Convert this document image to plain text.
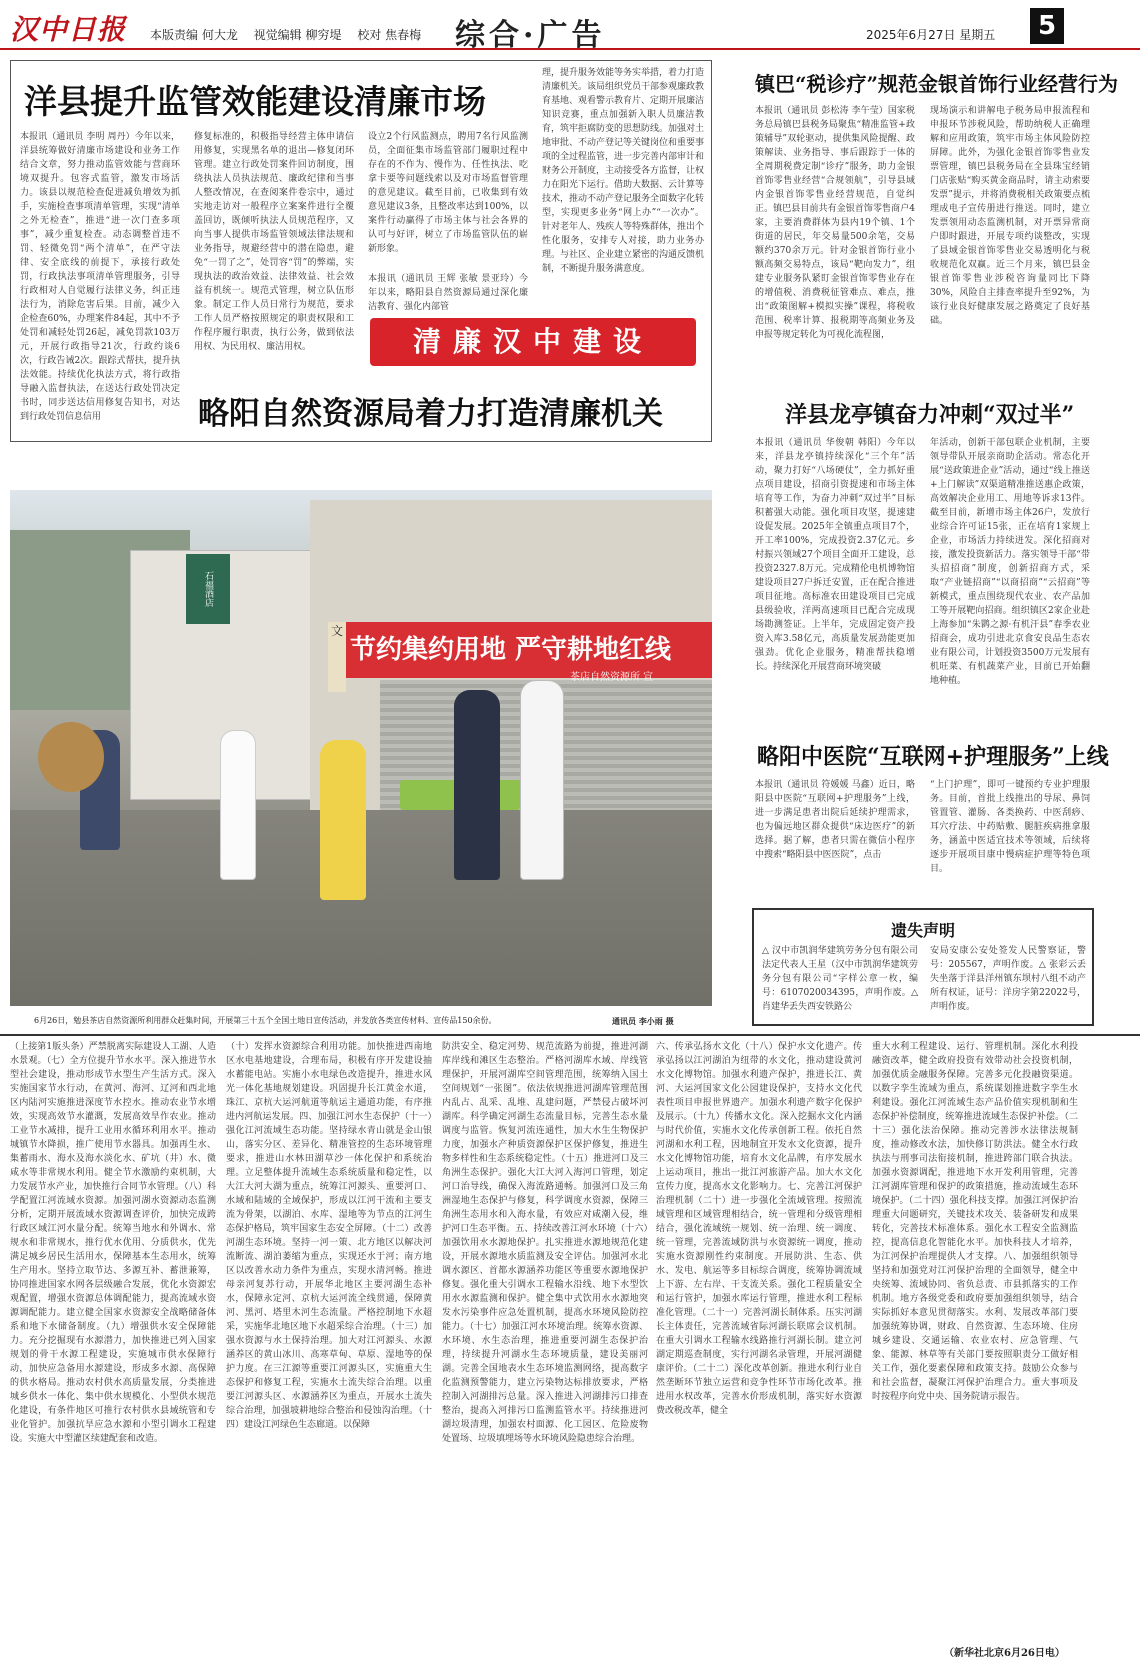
汉中日报 本版责编 何大龙 视觉编辑 柳穷堤 校对 焦春梅	综合·广告	2025年6月27日 星期五	5
洋县提升监管效能建设清廉市场
本报讯（通讯员 李明 周丹）今年以来，洋县统筹做好清廉市场建设和业务工作结合文章，努力推动监管效能与营商环境双提升。包容式监管，激发市场活力。该县以规范检查促进减负增效为抓手，实施检查事项清单管理，实现“清单之外无检查”，推进“进一次门查多项事”，减少重复检查。动态调整首违不罚、轻微免罚“两个清单”，在严守法律、安全底线的前提下，承接行政处罚，行政执法事项清单管理服务，引导行政相对人自觉履行法律义务，纠正违法行为，消除危害后果。目前，减少入企检查60%，办理案件84起，其中不予处罚和减轻处罚26起，减免罚款103万元，开展行政指导21次，行政约谈6次，行政告诫2次。跟踪式帮扶，提升执法效能。持续优化执法方式，将行政指导融入监督执法，在送达行政处罚决定书时，同步送达信用修复告知书，对达到行政处罚信息信用
修复标准的，积极指导经营主体申请信用修复，实现黑名单的退出—修复闭环管理。建立行政处罚案件回访制度，围绕执法人员执法规范、廉政纪律和当事人整改情况，在查阅案件卷宗中，通过实地走访对一般程序立案案件进行全覆盖回访，既倾听执法人员规范程序，又向当事人提供市场监管领域法律法规和业务指导，规避经营中的潜在隐患，避免“一罚了之”，处罚容“罚”的弊端，实现执法的政治效益、法律效益、社会效益有机统一。规范式管理，树立队伍形象。制定工作人员日常行为规范，要求工作人员严格按照规定的职责权限和工作程序履行职责，执行公务，做到依法用权、为民用权、廉洁用权。
设立2个行风监测点，聘用7名行风监测员，全面征集市场监管部门履职过程中存在的不作为、慢作为、任性执法、吃拿卡要等问题线索以及对市场监督管理的意见建议。截至目前，已收集到有效意见建议3条，且整改率达到100%，以案件行动赢得了市场主体与社会各界的认可与好评，树立了市场监管队伍的崭新形象。
本报讯（通讯员 王辉 张敏 景亚玲）今年以来，略阳县自然资源局通过深化廉洁教育、强化内部管
理，提升服务效能等务实举措，着力打造清廉机关。该局组织党员干部参观廉政教育基地、观看警示教育片、定期开展廉洁知识竞赛，重点加强新入职人员廉洁教育，筑牢拒腐防变的思想防线。加强对土地审批、不动产登记等关键岗位和重要事项的全过程监管，进一步完善内部审计和财务公开制度，主动接受各方监督，让权力在阳光下运行。借助大数据、云计算等技术，推动不动产登记服务全面数字化转型，实现更多业务“网上办”“一次办”。针对老年人、残疾人等特殊群体，推出个性化服务，安排专人对接，助力业务办理。与社区、企业建立紧密的沟通反馈机制，不断提升服务满意度。
清廉汉中建设
略阳自然资源局着力打造清廉机关
镇巴“税诊疗”规范金银首饰行业经营行为
本报讯（通讯员 彭松涛 李午莹）国家税务总局镇巴县税务局聚焦“精准监管+政策辅导”双轮驱动，提供集风险提醒、政策解读、业务指导、事后跟踪于一体的全周期税费定制“诊疗”服务，助力金银首饰零售业经营“合规领航”，引导县域内金银首饰零售业经营规范，自觉纠正。镇巴县目前共有金银首饰零售商户4家，主要消费群体为县内19个镇、1个街道的居民，年交易量500余笔，交易额约370余万元。针对金银首饰行业小额高频交易特点，该局“靶向发力”，组建专业服务队紧盯金银首饰零售业存在的增值税、消费税征管难点、难点，推出“政策图解+模拟实操”课程，将税收范围、税率计算、报税期等高频业务及申报等规定转化为可视化流程图，
现场演示和讲解电子税务局申报流程和申报环节涉税风险，帮助纳税人正确理解和应用政策，筑牢市场主体风险防控屏障。此外，为强化金银首饰零售业发票管理，镇巴县税务局在全县珠宝经销门店张贴“购买黄金商品时，请主动索要发票”提示，并将消费税相关政策要点梳理成电子宣传册进行推送。同时，建立发票领用动态监测机制，对开票异常商户即时跟进，开展专项约谈整改，实现了县域金银首饰零售业交易透明化与税收规范化双赢。近三个月来，镇巴县金银首饰零售业涉税咨询量同比下降30%，风险自主排查率提升至92%，为该行业良好健康发展之路奠定了良好基础。
洋县龙亭镇奋力冲刺“双过半”
本报讯（通讯员 华俊朝 韩阳）今年以来，洋县龙亭镇持续深化“三个年”活动，聚力打好“八场硬仗”，全力抓好重点项目建设，招商引资提速和市场主体培育等工作，为奋力冲刺“双过半”目标积蓄强大动能。强化项目攻坚，提速建设促发展。2025年全镇重点项目7个，开工率100%，完成投资2.37亿元。乡村振兴领域27个项目全面开工建设，总投资2327.8万元。完成精伦电机博物馆建设项目27户拆迁安置，正在配合推进项目征地。高标准农田建设项目已完成县级验收，洋两高速项目已配合完成现场勘测签证。上半年，完成固定资产投资入库3.58亿元，高质量发展劲能更加强劲。优化企业服务，精准帮扶稳增长。持续深化开展营商环境突破
年活动，创新干部包联企业机制，主要领导带队开展亲商助企活动。常态化开展“送政策进企业”活动，通过“线上推送+上门解读”双渠道精准推送惠企政策，高效解决企业用工、用地等诉求13件。截至目前，新增市场主体26户，发放行业综合许可证15张，正在培育1家规上企业，市场活力持续迸发。深化招商对接，激发投资新活力。落实领导干部“带头招招商”制度，创新招商方式，采取“产业链招商”“以商招商”“云招商”等新模式，重点围绕现代农业、农产品加工等开展靶向招商。组织镇区2家企业赴上海参加“朱鹮之源·有机汗县”春季农业招商会，成功引进北京食安良品生态农业有限公司，计划投资3500万元发展有机旺菜、有机蔬菜产业，目前已开始翻地种植。
略阳中医院“互联网+护理服务”上线
本报讯（通讯员 符媛媛 马鑫）近日，略阳县中医院“互联网+护理服务”上线，进一步满足患者出院后延续护理需求，也为偏远地区群众提供“床边医疗”的新选择。据了解，患者只需在微信小程序中搜索“略阳县中医医院”，点击
“上门护理”，即可一键预约专业护理服务。目前，首批上线推出的导尿、鼻饲管置管、灌肠、各类换药、中医刮痧、耳穴疗法、中药贴敷、腿脏疾病推拿服务，涵盖中医适宜技术等领域，后续将逐步开展项目康中慢病症护理等特色项目。
遗失声明
△ 汉中市凯润华建筑劳务分包有限公司法定代表人王星（汉中市凯润华建筑劳务分包有限公司“字样公章一枚，编号：6107020034395，声明作废。△ 肖建华丢失西安铁路公
安局安康公安处签发人民警察证，警号：205567，声明作废。△ 张彩云丢失坐落于洋县洋州镇东坝村八组不动产所有权证，证号：洋房字第22022号，声明作废。
节约集约用地 严守耕地红线
茶店自然资源所 宣
文
石福酒店
6月26日，勉县茶店自然资源所利用群众赶集时间，开展第三十五个全国土地日宣传活动，并发放各类宣传材料、宣传品150余份。	通讯员 李小雨 摄
（上接第1版头条）严禁脱离实际建设人工湖、人造水景观。（七）全方位提升节水水平。深入推进节水型社会建设，推动形成节水型生产生活方式。深入实施国家节水行动，在黄河、海河、辽河和西北地区内陆河实施推进深度节水控水。推动农业节水增效，实现高效节水灌溉，发展高效旱作农业。推动工业节水减排，提升工业用水循环利用水平。推动城镇节水降损，推广使用节水器具。加强再生水、集蓄雨水、海水及海水淡化水、矿坑（井）水、微咸水等非常规水利用。健全节水激励约束机制，大力发展节水产业，加快推行合同节水管理。（八）科学配置江河流域水资源。加强河湖水资源动态监测分析，定期开展流域水资源调查评价，加快完成跨行政区域江河水量分配。统筹当地水和外调水、常规水和非常规水，推行优水优用、分质供水，优先满足城乡居民生活用水，保障基本生态用水，统筹生产用水。坚持立取节达、多源互补、蓄泄兼筹，协同推进国家水网各层级融合发展，优化水资源宏观配置，增强水资源总体调配能力，提高流域水资源调配能力。建立健全国家水资源安全战略储备体系和地下水储备制度。（九）增强供水安全保障能力。充分挖掘现有水源潜力，加快推进已列入国家规划的骨干水源工程建设，实施城市供水保障行动，加快应急备用水源建设，形成多水源、高保障的供水格局。推动农村供水高质量发展，分类推进城乡供水一体化、集中供水规模化、小型供水规范化建设，有条件地区可推行农村供水县域统管和专业化管护。加强抗旱应急水源和小型引调水工程建设。实施大中型灌区续建配套和改造。
（十）发挥水资源综合利用功能。加快推进西南地区水电基地建设，合理布局，积极有序开发建设抽水蓄能电站。实施小水电绿色改造提升，推进水风光一体化基地规划建设。巩固提升长江黄金水道，珠江、京杭大运河航道等航运主通道功能，有序推进内河航运发展。四、加强江河水生态保护（十一）强化江河流域生态功能。坚持绿水青山就是金山银山，落实分区、差异化、精准管控的生态环境管理要求，推进山水林田湖草沙一体化保护和系统治理。立足整体提升流域生态系统质量和稳定性，以大江大河大湖为重点，统筹江河源头、重要河口、水域和陆域的全域保护，形成以江河干流和主要支流为骨架，以湖泊、水库、湿地等为节点的江河生态保护格局，筑牢国家生态安全屏障。（十二）改善河湖生态环境。坚持一河一策、北方地区以解决河流断流、湖泊萎缩为重点，实现还水于河；南方地区以改善水动力条件为重点，实现水清河畅。推进母亲河复苏行动，开展华北地区主要河湖生态补水，保障永定河、京杭大运河流全线贯通，保障黄河、黑河、塔里木河生态流量。严格控制地下水超采，实施华北地区地下水超采综合治理。（十三）加强水资源与水土保持治理。加大对江河源头、水源涵养区的黄山冰川、高寒草甸、草原、湿地等的保护力度。在三江源等重要江河源头区，实施重大生态保护和修复工程，实施水土流失综合治理。以重要江河源头区、水源涵养区为重点，开展水土流失综合治理，加强坡耕地综合整治和侵蚀沟治理。（十四）建设江河绿色生态廊道。以保障
防洪安全、稳定河势、规范流路为前提，推进河湖库岸线和滩区生态整治。严格河湖库水域、岸线管理保护，开展河湖库空间管理范围，统筹纳入国土空间规划“一张图”。依法依规推进河湖库管理范围内乱占、乱采、乱堆、乱建问题，严禁侵占破坏河湖库。科学确定河湖生态流量目标，完善生态水量调度与监管。恢复河流连通性，加大水生生物保护力度，加强水产种质资源保护区保护修复，推进生物多样性和生态系统稳定性。（十五）推进河口及三角洲生态保护。强化大江大河入海河口管理，划定河口治导线，确保入海流路通畅。加强河口及三角洲湿地生态保护与修复，科学调度水资源，保障三角洲生态用水和入海水量，有效应对咸潮入侵，维护河口生态平衡。五、持续改善江河水环境（十六）加强饮用水水源地保护。扎实推进水源地规范化建设，开展水源地水质监测及安全评估。加强河水北调水源区、首都水源涵养功能区等重要水源地保护修复。强化重大引调水工程输水沿线、地下水型饮用水水源监测和保护。健全集中式饮用水水源地突发水污染事件应急处置机制，提高水环境风险防控能力。（十七）加强江河水环境治理。统筹水资源、水环境、水生态治理，推进重要河湖生态保护治理，持续提升河湖水生态环境质量，建设美丽河湖。完善全国地表水生态环境监测网络，提高数字化监测预警能力，建立污染物达标排放要求，严格控制入河湖排污总量。深入推进入河湖排污口排查整治，提高入河排污口监测监管水平。持续推进河湖垃圾清理，加强农村面源、化工园区、危险废物处置场、垃圾填埋场等水环境风险隐患综合治理。
六、传承弘扬水文化（十八）保护水文化遗产。传承弘扬以江河湖泊为纽带的水文化，推动建设黄河水文化博物馆。加强水利遗产保护，推进长江、黄河、大运河国家文化公园建设保护，支持水文化代表性项目申报世界遗产。加强水利遗产数字化保护及展示。（十九）传播水文化。深入挖掘水文化内涵与时代价值，实施水文化传承创新工程。依托自然河湖和水利工程，因地制宜开发水文化资源，提升水文化博物馆功能，培育水文化品牌，有序发展水上运动项目，推出一批江河旅游产品。加大水文化宣传力度，提高水文化影响力。七、完善江河保护治理机制（二十）进一步强化全流域管理。按照流域管理和区域管理相结合，统一管理和分级管理相结合，强化流域统一规划、统一治理、统一调度、统一管理，完善流域防洪与水资源统一调度，推动实施水资源刚性约束制度。开展防洪、生态、供水、发电、航运等多目标综合调度，统筹协调流域上下游、左右岸、干支流关系。强化工程质量安全和运行管护，加强水库运行管理，推进水利工程标准化管理。（二十一）完善河湖长制体系。压实河湖长主体责任，完善流域省际河湖长联席会议机制。在重大引调水工程输水线路推行河湖长制。建立河湖定期巡查制度，实行河湖名录管理，开展河湖健康评价。（二十二）深化改革创新。推进水利行业自然垄断环节独立运营和竞争性环节市场化改革。推进用水权改革，完善水价形成机制，落实好水资源费改税改革，健全
重大水利工程建设、运行、管理机制。深化水利投融资改革，健全政府投资有效带动社会投资机制，加强优质金融服务保障。完善多元化投融资渠道。以数字孪生流域为重点，系统谋划推进数字孪生水利建设。强化江河流域生态产品价值实现机制和生态保护补偿制度，统筹推进流域生态保护补偿。（二十三）强化法治保障。推动完善涉水法律法规制度，推动修改水法，加快修订防洪法。健全水行政执法与刑事司法衔接机制，推进跨部门联合执法。加强水资源调配，推进地下水开发利用管理，完善江河湖库管理和保护的政策措施，推动流域生态环境保护。（二十四）强化科技支撑。加强江河保护治理重大问题研究，关键技术攻关、装备研发和成果转化，完善技术标准体系。强化水工程安全监测监控，提高信息化智能化水平。加快科技人才培养，为江河保护治理提供人才支撑。八、加强组织领导 坚持和加强党对江河保护治理的全面领导，健全中央统筹、流域协同、省负总责、市县抓落实的工作机制。地方各级党委和政府要加强组织领导，结合实际抓好本意见贯彻落实。水利、发展改革部门要加强统筹协调，财政、自然资源、生态环境、住房城乡建设、交通运输、农业农村、应急管理、气象、能源、林草等有关部门要按照职责分工做好相关工作，强化要素保障和政策支持。鼓励公众参与和社会监督，凝聚江河保护治理合力。重大事项及时按程序向党中央、国务院请示报告。
（新华社北京6月26日电）
